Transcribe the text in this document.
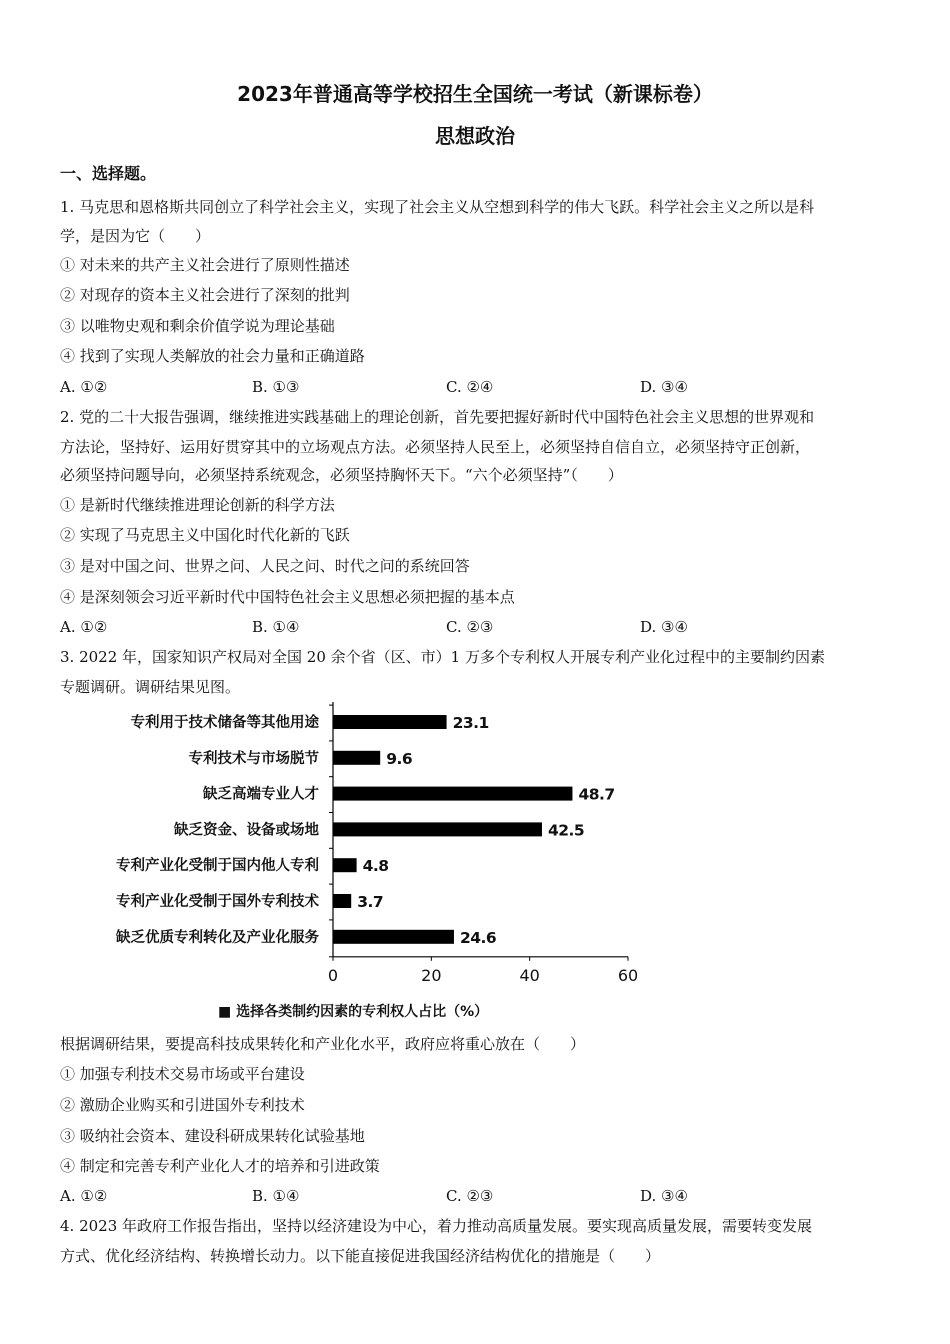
2023年普通高等学校招生全国统一考试（新课标卷）
思想政治
一、选择题。
1. 马克思和恩格斯共同创立了科学社会主义，实现了社会主义从空想到科学的伟大飞跃。科学社会主义之所以是科
学，是因为它（　　）
① 对未来的共产主义社会进行了原则性描述
② 对现存的资本主义社会进行了深刻的批判
③ 以唯物史观和剩余价值学说为理论基础
④ 找到了实现人类解放的社会力量和正确道路
A. ①②	B. ①③	C. ②④	D. ③④
2. 党的二十大报告强调，继续推进实践基础上的理论创新，首先要把握好新时代中国特色社会主义思想的世界观和
方法论，坚持好、运用好贯穿其中的立场观点方法。必须坚持人民至上，必须坚持自信自立，必须坚持守正创新，
必须坚持问题导向，必须坚持系统观念，必须坚持胸怀天下。“六个必须坚持”（　　）
① 是新时代继续推进理论创新的科学方法
② 实现了马克思主义中国化时代化新的飞跃
③ 是对中国之问、世界之问、人民之问、时代之问的系统回答
④ 是深刻领会习近平新时代中国特色社会主义思想必须把握的基本点
A. ①②	B. ①④	C. ②③	D. ③④
3. 2022 年，国家知识产权局对全国 20 余个省（区、市）1 万多个专利权人开展专利产业化过程中的主要制约因素
专题调研。调研结果见图。
专利用于技术储备等其他用途	23.1
专利技术与市场脱节	9.6
缺乏高端专业人才	48.7
缺乏资金、设备或场地	42.5
专利产业化受制于国内他人专利	4.8
专利产业化受制于国外专利技术 3.7
缺乏优质专利转化及产业化服务	24.6
0	20	40	60
■ 选择各类制约因素的专利权人占比（%）
根据调研结果，要提高科技成果转化和产业化水平，政府应将重心放在（　　）
① 加强专利技术交易市场或平台建设
② 激励企业购买和引进国外专利技术
③ 吸纳社会资本、建设科研成果转化试验基地
④ 制定和完善专利产业化人才的培养和引进政策
A. ①②	B. ①④	C. ②③	D. ③④
4. 2023 年政府工作报告指出，坚持以经济建设为中心，着力推动高质量发展。要实现高质量发展，需要转变发展
方式、优化经济结构、转换增长动力。以下能直接促进我国经济结构优化的措施是（　　）
